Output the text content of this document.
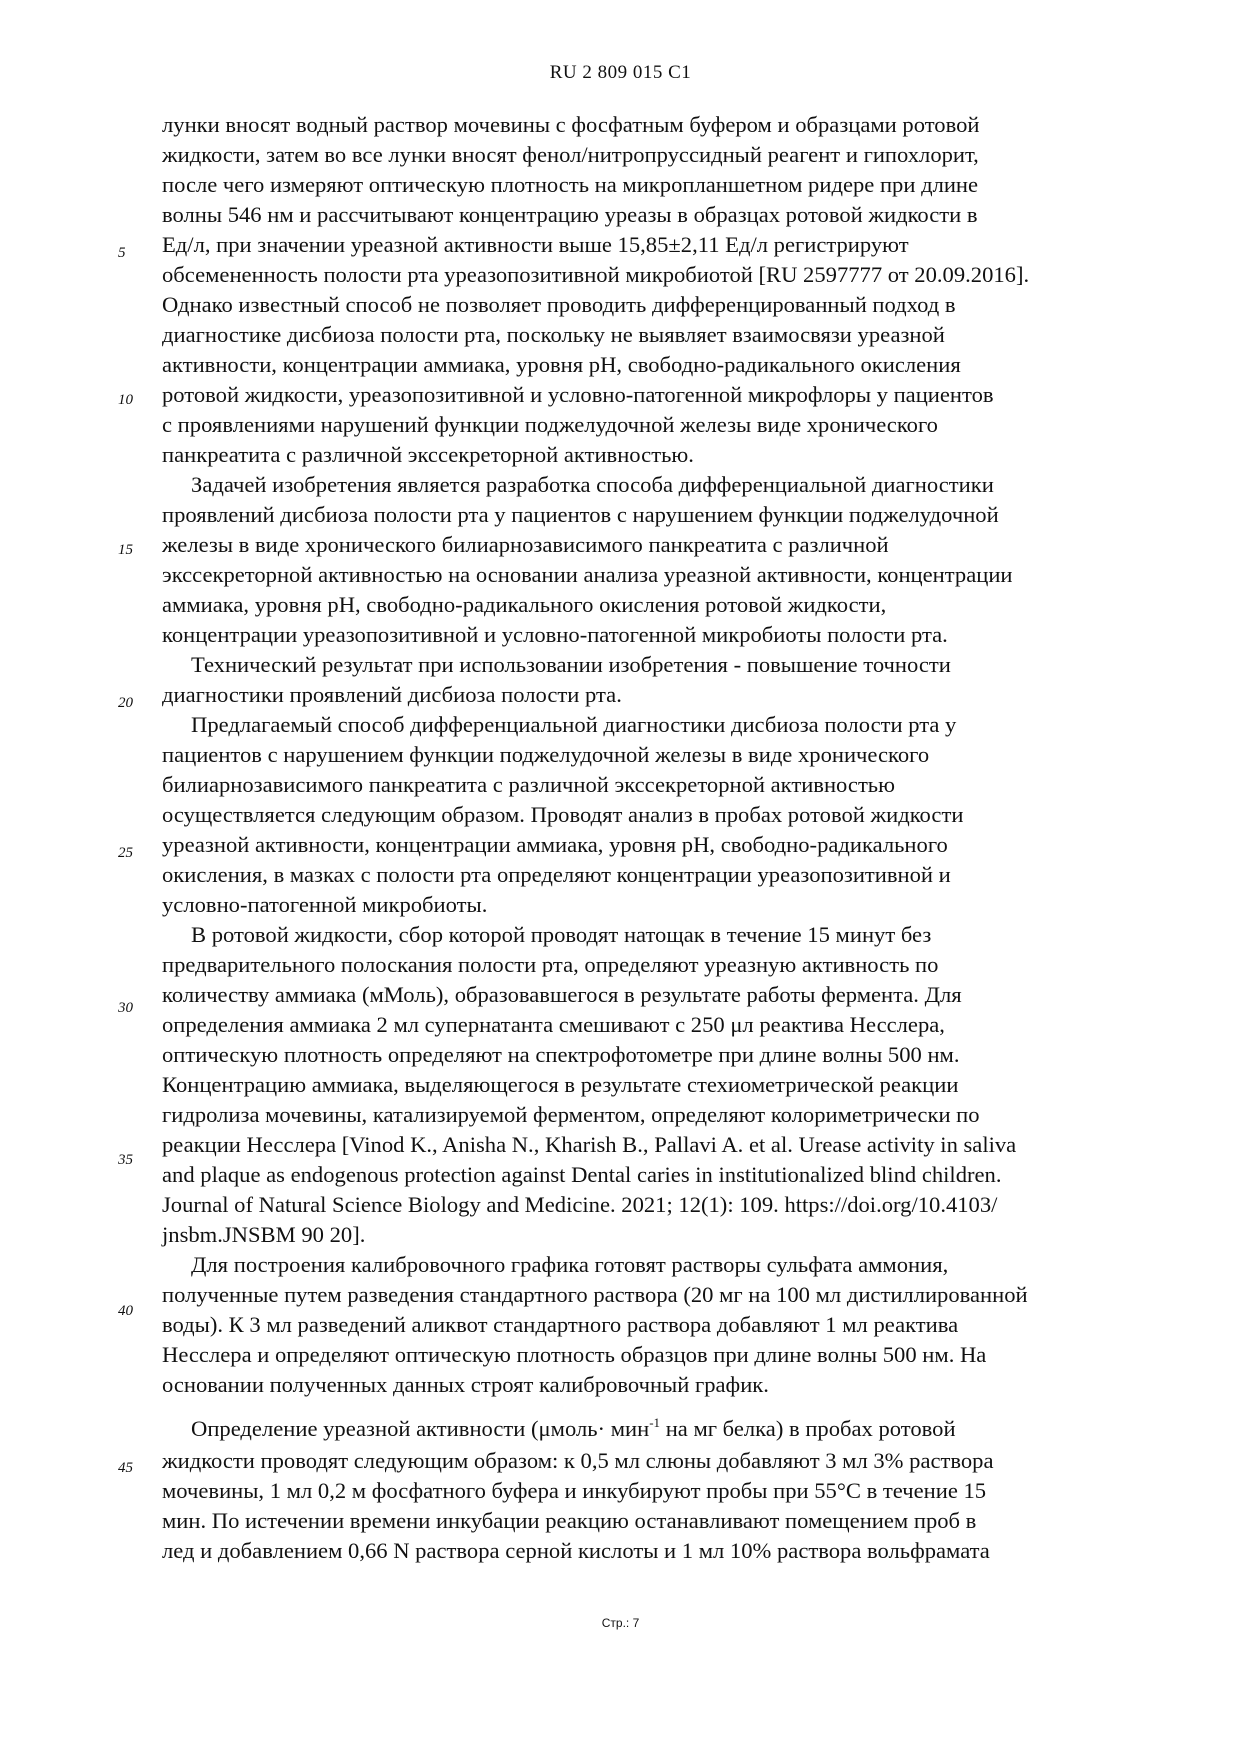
RU 2 809 015 C1
5
10
15
20
25
30
35
40
45
лунки вносят водный раствор мочевины с фосфатным буфером и образцами ротовой
жидкости, затем во все лунки вносят фенол/нитропруссидный реагент и гипохлорит,
после чего измеряют оптическую плотность на микропланшетном ридере при длине
волны 546 нм и рассчитывают концентрацию уреазы в образцах ротовой жидкости в
Ед/л, при значении уреазной активности выше 15,85±2,11 Ед/л регистрируют
обсемененность полости рта уреазопозитивной микробиотой [RU 2597777 от 20.09.2016].
Однако известный способ не позволяет проводить дифференцированный подход в
диагностике дисбиоза полости рта, поскольку не выявляет взаимосвязи уреазной
активности, концентрации аммиака, уровня pH, свободно-радикального окисления
ротовой жидкости, уреазопозитивной и условно-патогенной микрофлоры у пациентов
с проявлениями нарушений функции поджелудочной железы виде хронического
панкреатита с различной экссекреторной активностью.
Задачей изобретения является разработка способа дифференциальной диагностики
проявлений дисбиоза полости рта у пациентов с нарушением функции поджелудочной
железы в виде хронического билиарнозависимого панкреатита с различной
экссекреторной активностью на основании анализа уреазной активности, концентрации
аммиака, уровня pH, свободно-радикального окисления ротовой жидкости,
концентрации уреазопозитивной и условно-патогенной микробиоты полости рта.
Технический результат при использовании изобретения - повышение точности
диагностики проявлений дисбиоза полости рта.
Предлагаемый способ дифференциальной диагностики дисбиоза полости рта у
пациентов с нарушением функции поджелудочной железы в виде хронического
билиарнозависимого панкреатита с различной экссекреторной активностью
осуществляется следующим образом. Проводят анализ в пробах ротовой жидкости
уреазной активности, концентрации аммиака, уровня pH, свободно-радикального
окисления, в мазках с полости рта определяют концентрации уреазопозитивной и
условно-патогенной микробиоты.
В ротовой жидкости, сбор которой проводят натощак в течение 15 минут без
предварительного полоскания полости рта, определяют уреазную активность по
количеству аммиака (мМоль), образовавшегося в результате работы фермента. Для
определения аммиака 2 мл супернатанта смешивают с 250 μл реактива Несслера,
оптическую плотность определяют на спектрофотометре при длине волны 500 нм.
Концентрацию аммиака, выделяющегося в результате стехиометрической реакции
гидролиза мочевины, катализируемой ферментом, определяют колориметрически по
реакции Несслера [Vinod K., Anisha N., Kharish B., Pallavi A. et al. Urease activity in saliva
and plaque as endogenous protection against Dental caries in institutionalized blind children.
Journal of Natural Science Biology and Medicine. 2021; 12(1): 109. https://doi.org/10.4103/
jnsbm.JNSBM 90 20].
Для построения калибровочного графика готовят растворы сульфата аммония,
полученные путем разведения стандартного раствора (20 мг на 100 мл дистиллированной
воды). К 3 мл разведений аликвот стандартного раствора добавляют 1 мл реактива
Несслера и определяют оптическую плотность образцов при длине волны 500 нм. На
основании полученных данных строят калибровочный график.
Определение уреазной активности (μмоль· мин$^{-1}$ на мг белка) в пробах ротовой
жидкости проводят следующим образом: к 0,5 мл слюны добавляют 3 мл 3% раствора
мочевины, 1 мл 0,2 м фосфатного буфера и инкубируют пробы при 55°С в течение 15
мин. По истечении времени инкубации реакцию останавливают помещением проб в
лед и добавлением 0,66 N раствора серной кислоты и 1 мл 10% раствора вольфрамата
Стр.: 7
